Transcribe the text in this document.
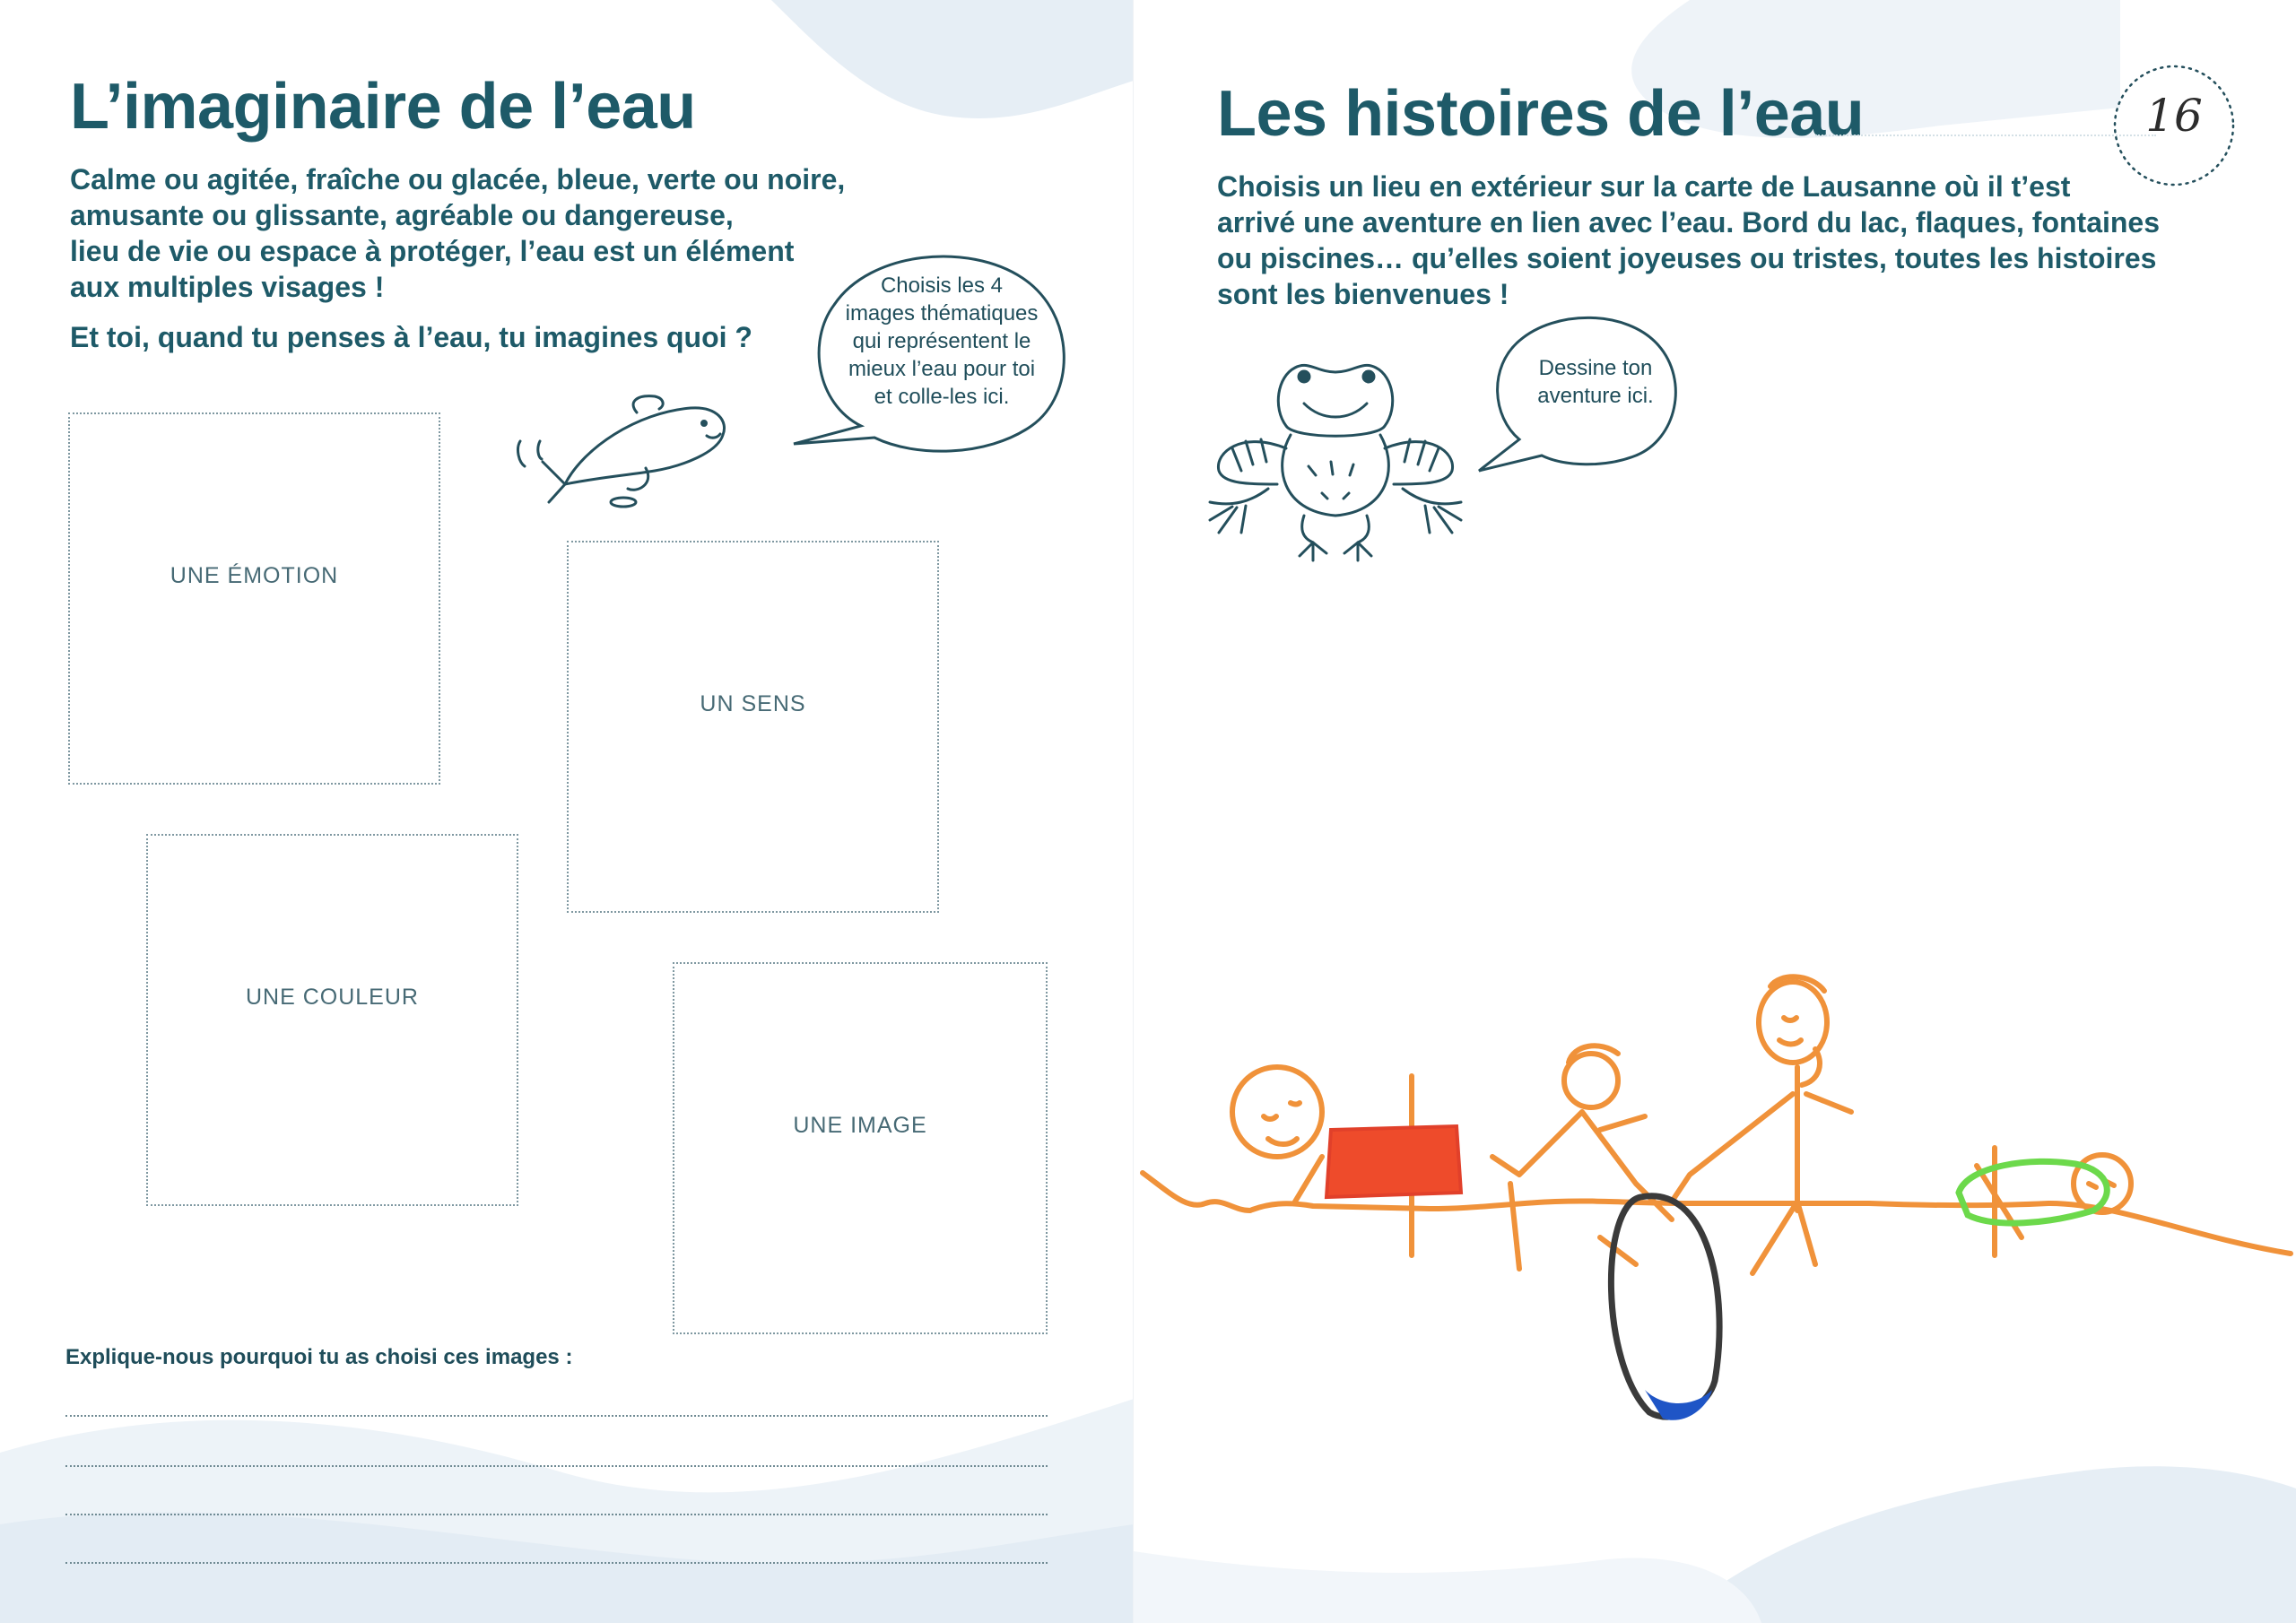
L’imaginaire de l’eau
Calme ou agitée, fraîche ou glacée, bleue, verte ou noire,
amusante ou glissante, agréable ou dangereuse,
lieu de vie ou espace à protéger, l’eau est un élément
aux multiples visages !
Et toi, quand tu penses à l’eau, tu imagines quoi ?
Choisis les 4
images thématiques
qui représentent le
mieux l’eau pour toi
et colle-les ici.
UNE ÉMOTION
UN SENS
UNE COULEUR
UNE IMAGE
Explique-nous pourquoi tu as choisi ces images :
Les histoires de l’eau	16
Choisis un lieu en extérieur sur la carte de Lausanne où il t’est
arrivé une aventure en lien avec l’eau. Bord du lac, flaques, fontaines
ou piscines… qu’elles soient joyeuses ou tristes, toutes les histoires
sont les bienvenues !
Dessine ton
aventure ici.
